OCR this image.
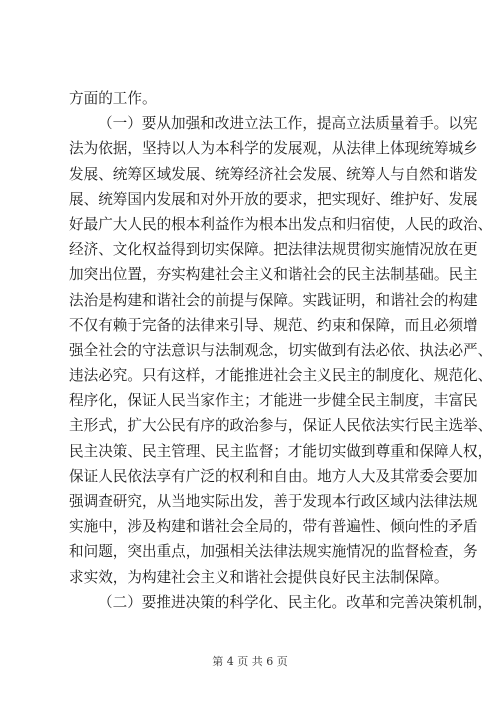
方面的工作。
（一）要从加强和改进立法工作，提高立法质量着手。以宪
法为依据，坚持以人为本科学的发展观，从法律上体现统筹城乡
发展、统筹区域发展、统筹经济社会发展、统筹人与自然和谐发
展、统筹国内发展和对外开放的要求，把实现好、维护好、发展
好最广大人民的根本利益作为根本出发点和归宿使，人民的政治、
经济、文化权益得到切实保障。把法律法规贯彻实施情况放在更
加突出位置，夯实构建社会主义和谐社会的民主法制基础。民主
法治是构建和谐社会的前提与保障。实践证明，和谐社会的构建
不仅有赖于完备的法律来引导、规范、约束和保障，而且必须增
强全社会的守法意识与法制观念，切实做到有法必依、执法必严、
违法必究。只有这样，才能推进社会主义民主的制度化、规范化、
程序化，保证人民当家作主；才能进一步健全民主制度，丰富民
主形式，扩大公民有序的政治参与，保证人民依法实行民主选举、
民主决策、民主管理、民主监督；才能切实做到尊重和保障人权，
保证人民依法享有广泛的权利和自由。地方人大及其常委会要加
强调查研究，从当地实际出发，善于发现本行政区域内法律法规
实施中，涉及构建和谐社会全局的，带有普遍性、倾向性的矛盾
和问题，突出重点，加强相关法律法规实施情况的监督检查，务
求实效，为构建社会主义和谐社会提供良好民主法制保障。
（二）要推进决策的科学化、民主化。改革和完善决策机制，
第 4 页 共 6 页
